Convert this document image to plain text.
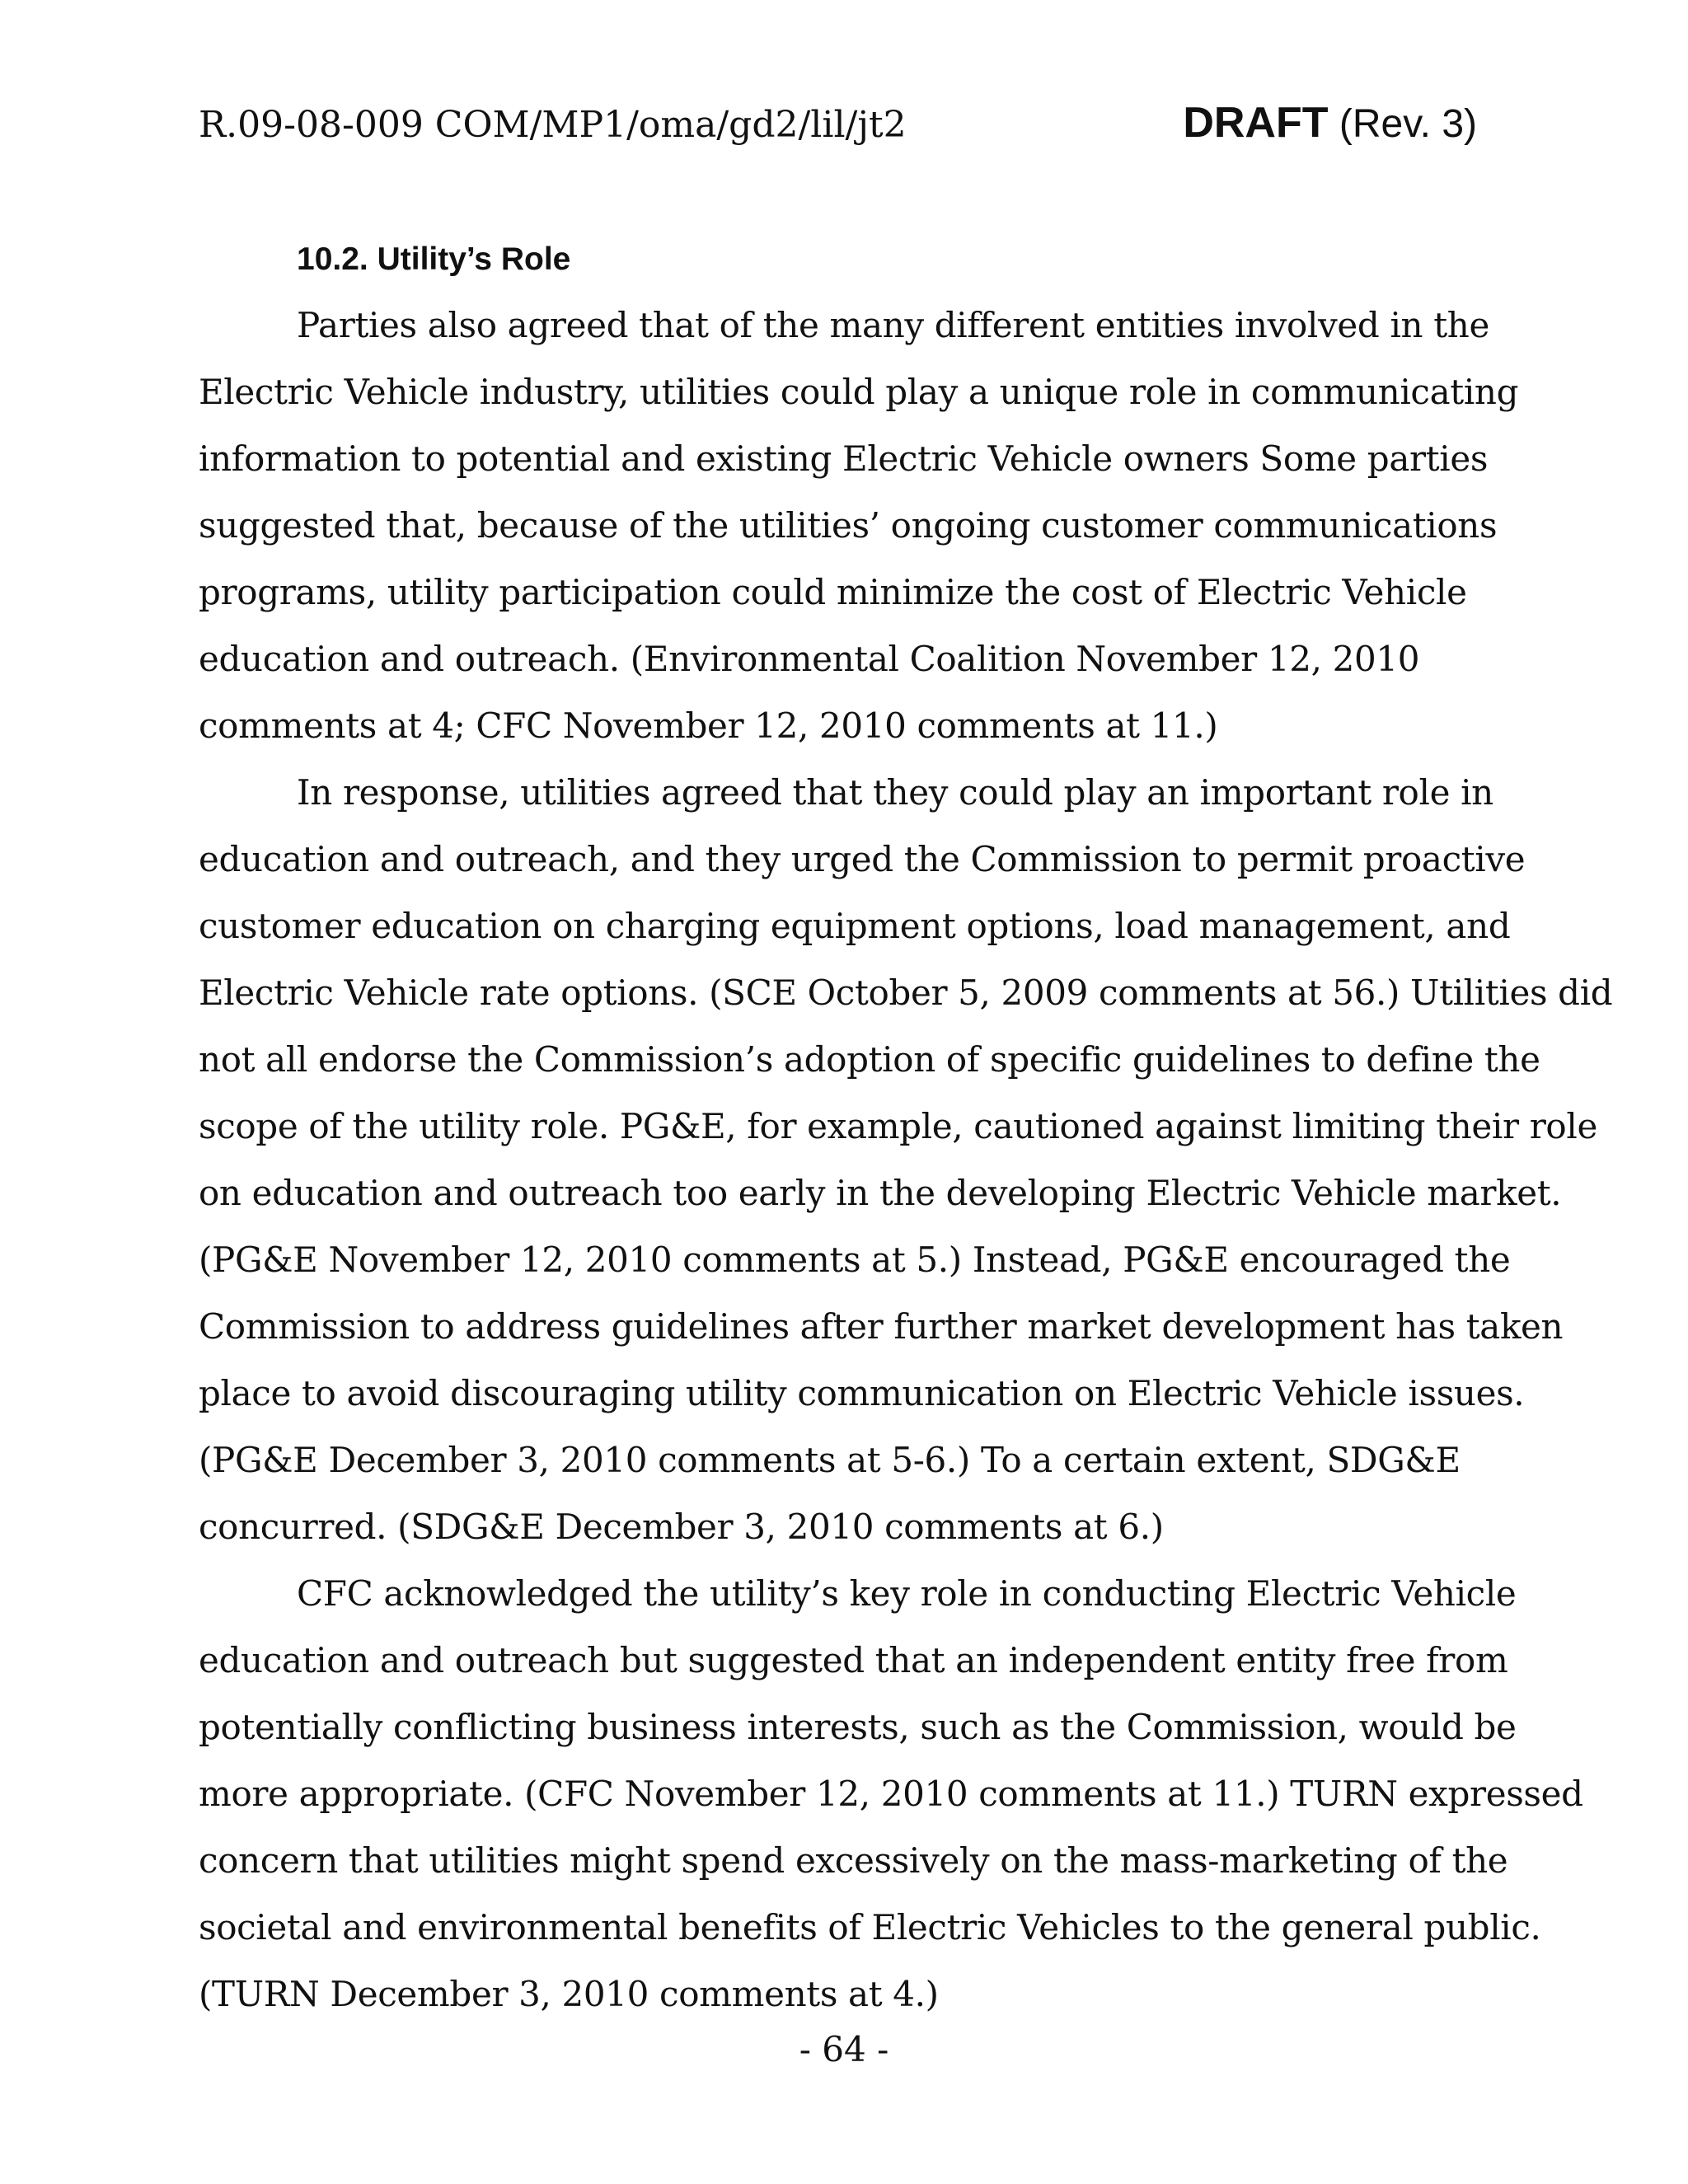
R.09-08-009 COM/MP1/oma/gd2/lil/jt2	DRAFT (Rev. 3)
10.2. Utility’s Role
Parties also agreed that of the many different entities involved in the
Electric Vehicle industry, utilities could play a unique role in communicating
information to potential and existing Electric Vehicle owners Some parties
suggested that, because of the utilities’ ongoing customer communications
programs, utility participation could minimize the cost of Electric Vehicle
education and outreach. (Environmental Coalition November 12, 2010
comments at 4; CFC November 12, 2010 comments at 11.)
In response, utilities agreed that they could play an important role in
education and outreach, and they urged the Commission to permit proactive
customer education on charging equipment options, load management, and
Electric Vehicle rate options. (SCE October 5, 2009 comments at 56.) Utilities did
not all endorse the Commission’s adoption of specific guidelines to define the
scope of the utility role. PG&E, for example, cautioned against limiting their role
on education and outreach too early in the developing Electric Vehicle market.
(PG&E November 12, 2010 comments at 5.) Instead, PG&E encouraged the
Commission to address guidelines after further market development has taken
place to avoid discouraging utility communication on Electric Vehicle issues.
(PG&E December 3, 2010 comments at 5-6.) To a certain extent, SDG&E
concurred. (SDG&E December 3, 2010 comments at 6.)
CFC acknowledged the utility’s key role in conducting Electric Vehicle
education and outreach but suggested that an independent entity free from
potentially conflicting business interests, such as the Commission, would be
more appropriate. (CFC November 12, 2010 comments at 11.) TURN expressed
concern that utilities might spend excessively on the mass-marketing of the
societal and environmental benefits of Electric Vehicles to the general public.
(TURN December 3, 2010 comments at 4.)
- 64 -
